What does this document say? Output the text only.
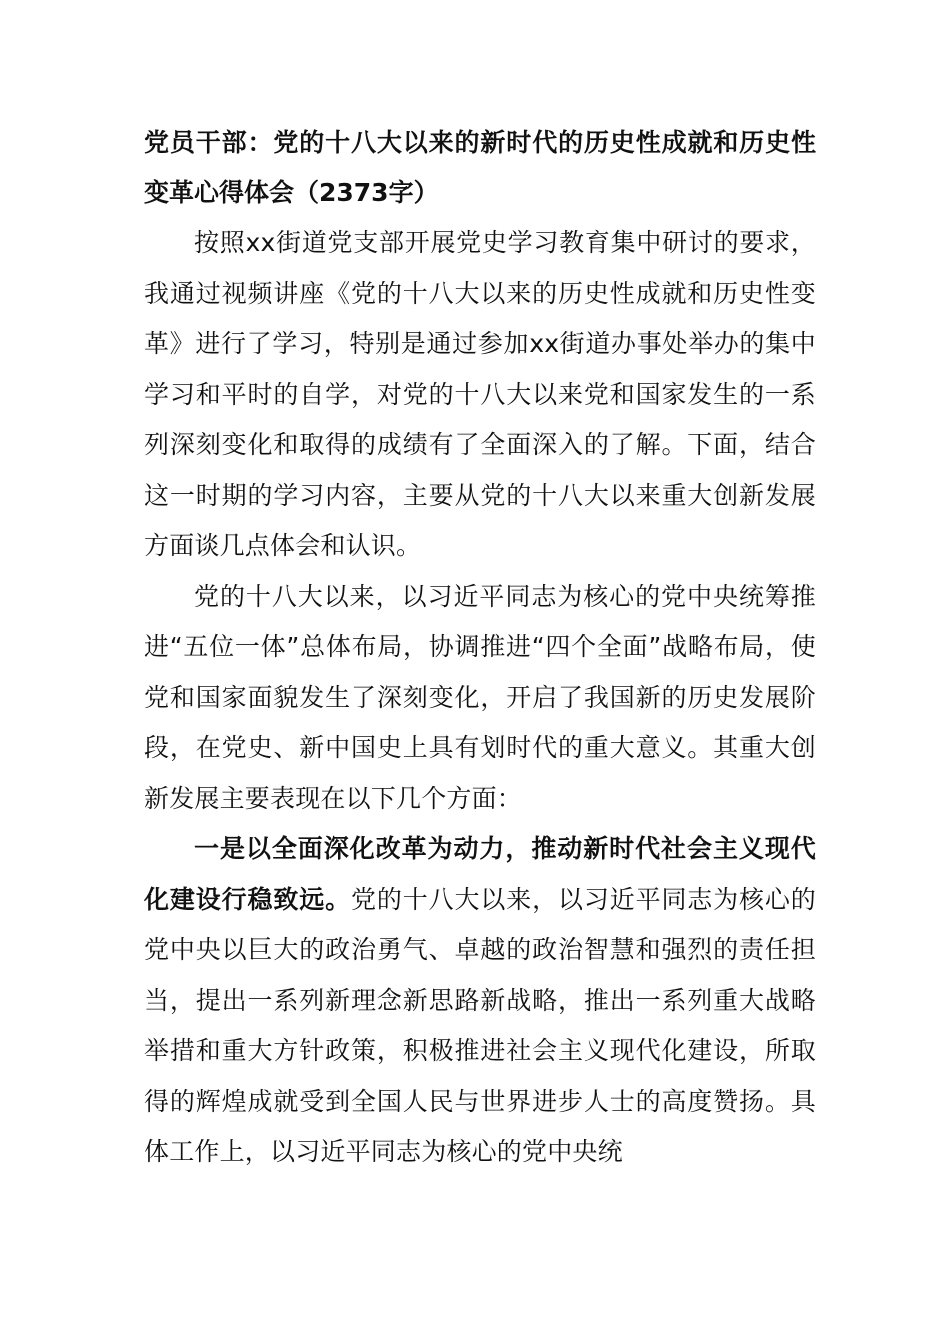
党员干部：党的十八大以来的新时代的历史性成就和历史性变革心得体会（2373字）

按照xx街道党支部开展党史学习教育集中研讨的要求，我通过视频讲座《党的十八大以来的历史性成就和历史性变革》进行了学习，特别是通过参加xx街道办事处举办的集中学习和平时的自学，对党的十八大以来党和国家发生的一系列深刻变化和取得的成绩有了全面深入的了解。下面，结合这一时期的学习内容，主要从党的十八大以来重大创新发展方面谈几点体会和认识。

党的十八大以来，以习近平同志为核心的党中央统筹推进“五位一体”总体布局，协调推进“四个全面”战略布局，使党和国家面貌发生了深刻变化，开启了我国新的历史发展阶段，在党史、新中国史上具有划时代的重大意义。其重大创新发展主要表现在以下几个方面：

一是以全面深化改革为动力，推动新时代社会主义现代化建设行稳致远。党的十八大以来，以习近平同志为核心的党中央以巨大的政治勇气、卓越的政治智慧和强烈的责任担当，提出一系列新理念新思路新战略，推出一系列重大战略举措和重大方针政策，积极推进社会主义现代化建设，所取得的辉煌成就受到全国人民与世界进步人士的高度赞扬。具体工作上，以习近平同志为核心的党中央统
